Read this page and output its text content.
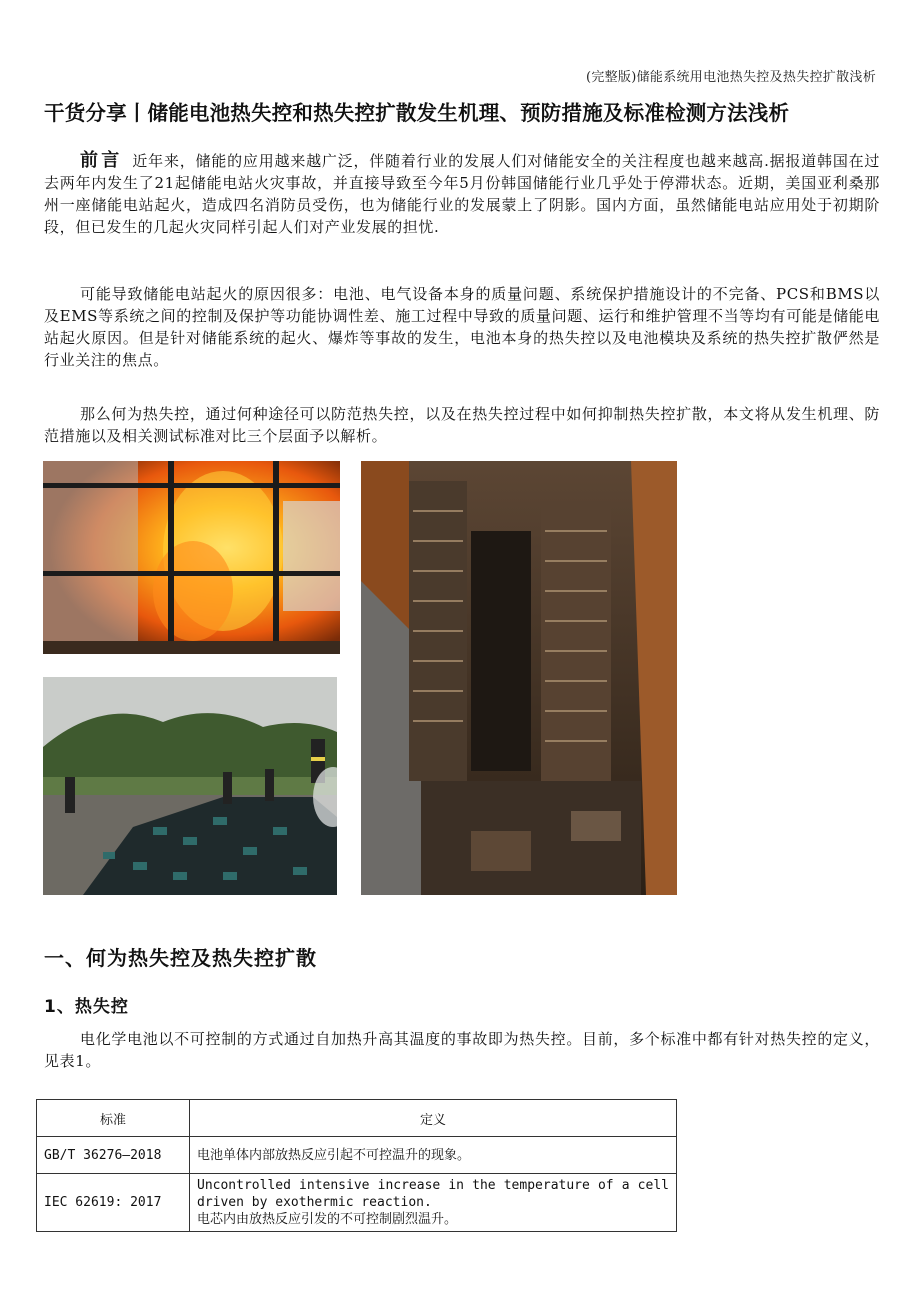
(完整版)储能系统用电池热失控及热失控扩散浅析
干货分享丨储能电池热失控和热失控扩散发生机理、预防措施及标准检测方法浅析

前言 近年来，储能的应用越来越广泛，伴随着行业的发展人们对储能安全的关注程度也越来越高.据报道韩国在过去两年内发生了21起储能电站火灾事故，并直接导致至今年5月份韩国储能行业几乎处于停滞状态。近期，美国亚利桑那州一座储能电站起火，造成四名消防员受伤，也为储能行业的发展蒙上了阴影。国内方面，虽然储能电站应用处于初期阶段，但已发生的几起火灾同样引起人们对产业发展的担忧.

可能导致储能电站起火的原因很多：电池、电气设备本身的质量问题、系统保护措施设计的不完备、PCS和BMS以及EMS等系统之间的控制及保护等功能协调性差、施工过程中导致的质量问题、运行和维护管理不当等均有可能是储能电站起火原因。但是针对储能系统的起火、爆炸等事故的发生，电池本身的热失控以及电池模块及系统的热失控扩散俨然是行业关注的焦点。

那么何为热失控，通过何种途径可以防范热失控，以及在热失控过程中如何抑制热失控扩散，本文将从发生机理、防范措施以及相关测试标准对比三个层面予以解析。

一、何为热失控及热失控扩散
1、热失控

电化学电池以不可控制的方式通过自加热升高其温度的事故即为热失控。目前，多个标准中都有针对热失控的定义，见表1。

标准	定义
GB/T 36276—2018	电池单体内部放热反应引起不可控温升的现象。

IEC 62619: 2017	Uncontrolled intensive increase in the temperature of a cell driven by exothermic reaction.
电芯内由放热反应引发的不可控制剧烈温升。
